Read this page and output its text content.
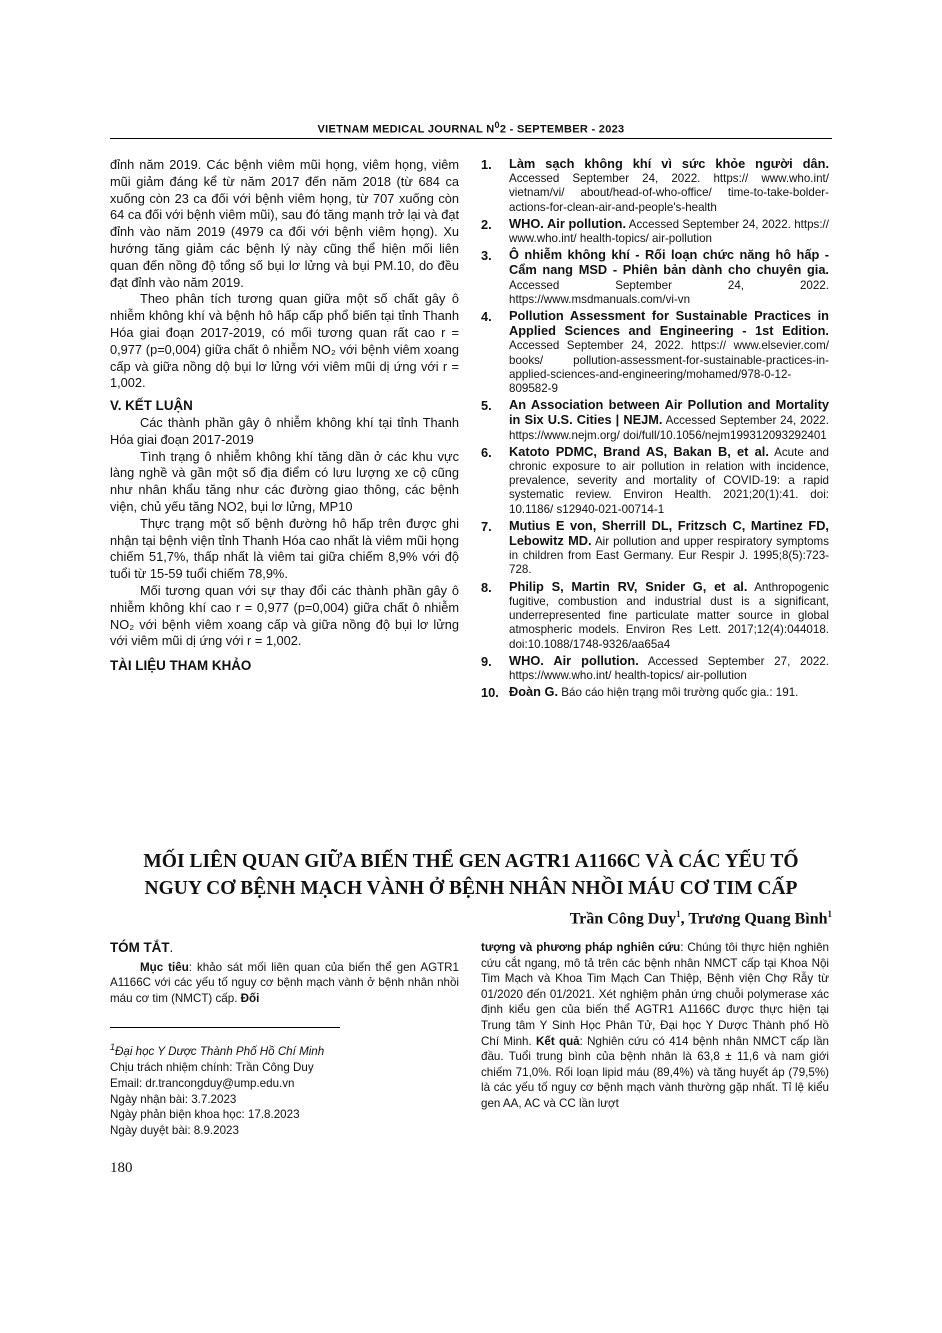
VIETNAM MEDICAL JOURNAL $N^02$ - SEPTEMBER - 2023

đỉnh năm 2019. Các bệnh viêm mũi họng, viêm họng, viêm mũi giảm đáng kể từ năm 2017 đến năm 2018 (từ 684 ca xuống còn 23 ca đối với bệnh viêm họng, từ 707 xuống còn 64 ca đối với bệnh viêm mũi), sau đó tăng mạnh trở lại và đạt đỉnh vào năm 2019 (4979 ca đối với bệnh viêm họng). Xu hướng tăng giảm các bệnh lý này cũng thể hiện mối liên quan đến nồng độ tổng số bụi lơ lửng và bụi PM.10, do đều đạt đỉnh vào năm 2019.

Theo phân tích tương quan giữa một số chất gây ô nhiễm không khí và bệnh hô hấp cấp phổ biến tại tỉnh Thanh Hóa giai đoạn 2017-2019, có mối tương quan rất cao r = 0,977 (p=0,004) giữa chất ô nhiễm NO₂ với bệnh viêm xoang cấp và giữa nồng dộ bụi lơ lửng với viêm mũi dị ứng với r = 1,002.

V. KẾT LUẬN

Các thành phần gây ô nhiễm không khí tại tỉnh Thanh Hóa giai đoạn 2017-2019

Tình trạng ô nhiễm không khí tăng dần ở các khu vực làng nghề và gần một số địa điểm có lưu lượng xe cộ cũng như nhân khẩu tăng như các đường giao thông, các bệnh viện, chủ yếu tăng NO2, bụi lơ lửng, MP10

Thực trạng một số bệnh đường hô hấp trên được ghi nhận tại bệnh viện tỉnh Thanh Hóa cao nhất là viêm mũi họng chiếm 51,7%, thấp nhất là viêm tai giữa chiếm 8,9% với độ tuổi từ 15-59 tuổi chiếm 78,9%.

Mối tương quan với sự thay đổi các thành phần gây ô nhiễm không khí cao r = 0,977 (p=0,004) giữa chất ô nhiễm NO₂ với bệnh viêm xoang cấp và giữa nồng độ bụi lơ lửng với viêm mũi dị ứng với r = 1,002.

TÀI LIỆU THAM KHẢO

1.	Làm sạch không khí vì sức khỏe người dân. Accessed September 24, 2022. https:// www.who.int/ vietnam/vi/ about/head-of-who-office/ time-to-take-bolder-actions-for-clean-air-and-people's-health
2.	WHO. Air pollution. Accessed September 24, 2022. https:// www.who.int/ health-topics/ air-pollution
3.	Ô nhiễm không khí - Rối loạn chức năng hô hấp - Cẩm nang MSD - Phiên bản dành cho chuyên gia. Accessed September 24, 2022. https://www.msdmanuals.com/vi-vn
4.	Pollution Assessment for Sustainable Practices in Applied Sciences and Engineering - 1st Edition. Accessed September 24, 2022. https:// www.elsevier.com/ books/ pollution-assessment-for-sustainable-practices-in-applied-sciences-and-engineering/mohamed/978-0-12-809582-9
5.	An Association between Air Pollution and Mortality in Six U.S. Cities | NEJM. Accessed September 24, 2022. https://www.nejm.org/ doi/full/10.1056/nejm199312093292401
6.	Katoto PDMC, Brand AS, Bakan B, et al. Acute and chronic exposure to air pollution in relation with incidence, prevalence, severity and mortality of COVID-19: a rapid systematic review. Environ Health. 2021;20(1):41. doi: 10.1186/ s12940-021-00714-1
7.	Mutius E von, Sherrill DL, Fritzsch C, Martinez FD, Lebowitz MD. Air pollution and upper respiratory symptoms in children from East Germany. Eur Respir J. 1995;8(5):723-728.
8.	Philip S, Martin RV, Snider G, et al. Anthropogenic fugitive, combustion and industrial dust is a significant, underrepresented fine particulate matter source in global atmospheric models. Environ Res Lett. 2017;12(4):044018. doi:10.1088/1748-9326/aa65a4
9.	WHO. Air pollution. Accessed September 27, 2022. https://www.who.int/ health-topics/ air-pollution
10. Đoàn G. Báo cáo hiện trạng môi trường quốc gia.: 191.
MỐI LIÊN QUAN GIỮA BIẾN THỂ GEN AGTR1 A1166C VÀ CÁC YẾU TỐ
NGUY CƠ BỆNH MẠCH VÀNH Ở BỆNH NHÂN NHỒI MÁU CƠ TIM CẤP
Trần Công Duy$^1$, Trương Quang Bình$^1$

TÓM TẮT.

Mục tiêu: khảo sát mối liên quan của biến thể gen AGTR1 A1166C với các yếu tố nguy cơ bệnh mạch vành ở bệnh nhân nhồi máu cơ tim (NMCT) cấp. Đối

$^1$Đại học Y Dược Thành Phố Hồ Chí Minh
Chịu trách nhiệm chính: Trần Công Duy
Email: dr.trancongduy@ump.edu.vn
Ngày nhận bài: 3.7.2023
Ngày phản biện khoa học: 17.8.2023
Ngày duyệt bài: 8.9.2023

tượng và phương pháp nghiên cứu: Chúng tôi thực hiện nghiên cứu cắt ngang, mô tả trên các bệnh nhân NMCT cấp tại Khoa Nội Tim Mạch và Khoa Tim Mạch Can Thiệp, Bệnh viện Chợ Rẫy từ 01/2020 đến 01/2021. Xét nghiệm phản ứng chuỗi polymerase xác định kiểu gen của biến thể AGTR1 A1166C được thực hiện tại Trung tâm Y Sinh Học Phân Tử, Đại học Y Dược Thành phố Hồ Chí Minh. Kết quả: Nghiên cứu có 414 bệnh nhân NMCT cấp lần đầu. Tuổi trung bình của bệnh nhân là 63,8 ± 11,6 và nam giới chiếm 71,0%. Rối loạn lipid máu (89,4%) và tăng huyết áp (79,5%) là các yếu tố nguy cơ bệnh mạch vành thường gặp nhất. Tỉ lệ kiểu gen AA, AC và CC lần lượt

180
